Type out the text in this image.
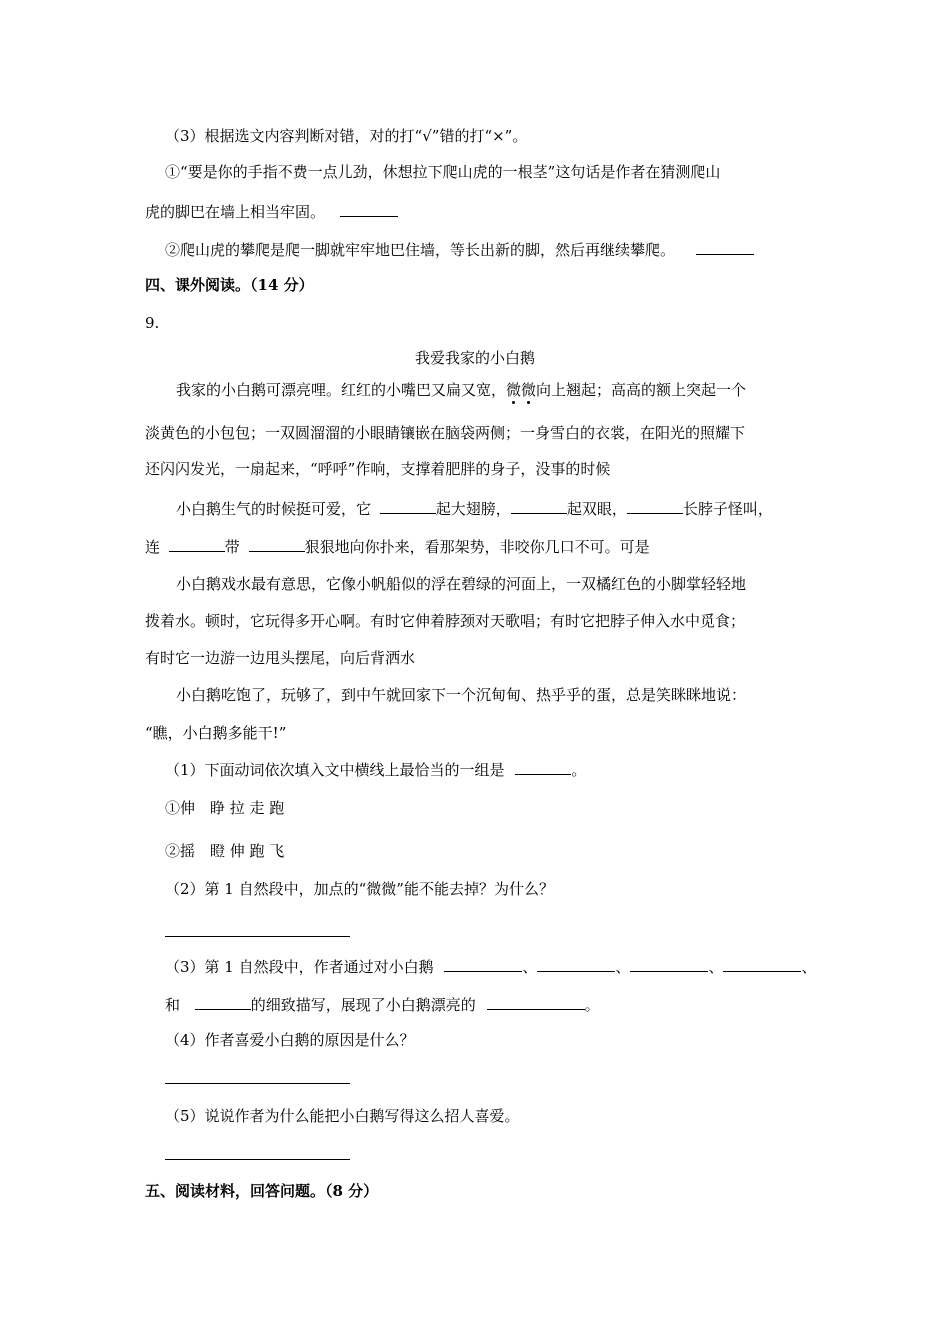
（3）根据选文内容判断对错，对的打“√”错的打“×”。
①“要是你的手指不费一点儿劲，休想拉下爬山虎的一根茎”这句话是作者在猜测爬山
虎的脚巴在墙上相当牢固。
②爬山虎的攀爬是爬一脚就牢牢地巴住墙，等长出新的脚，然后再继续攀爬。
四、课外阅读。（14 分）
9.
我爱我家的小白鹅
我家的小白鹅可漂亮哩。红红的小嘴巴又扁又宽，微微向上翘起；高高的额上突起一个
淡黄色的小包包；一双圆溜溜的小眼睛镶嵌在脑袋两侧；一身雪白的衣裳，在阳光的照耀下
还闪闪发光，一扇起来，“呼呼”作响，支撑着肥胖的身子，没事的时候
小白鹅生气的时候挺可爱，它	起大翅膀，	起双眼，	长脖子怪叫，
连	带	狠狠地向你扑来，看那架势，非咬你几口不可。可是
小白鹅戏水最有意思，它像小帆船似的浮在碧绿的河面上，一双橘红色的小脚掌轻轻地
拨着水。顿时，它玩得多开心啊。有时它伸着脖颈对天歌唱；有时它把脖子伸入水中觅食；
有时它一边游一边甩头摆尾，向后背洒水
小白鹅吃饱了，玩够了，到中午就回家下一个沉甸甸、热乎乎的蛋，总是笑眯眯地说：
“瞧，小白鹅多能干!”
（1）下面动词依次填入文中横线上最恰当的一组是	。
①伸　睁 拉 走 跑
②摇　瞪 伸 跑 飞
（2）第 1 自然段中，加点的“微微”能不能去掉？为什么？
（3）第 1 自然段中，作者通过对小白鹅	、	、	、	、
和	的细致描写，展现了小白鹅漂亮的	。
（4）作者喜爱小白鹅的原因是什么？
（5）说说作者为什么能把小白鹅写得这么招人喜爱。
五、阅读材料，回答问题。（8 分）
